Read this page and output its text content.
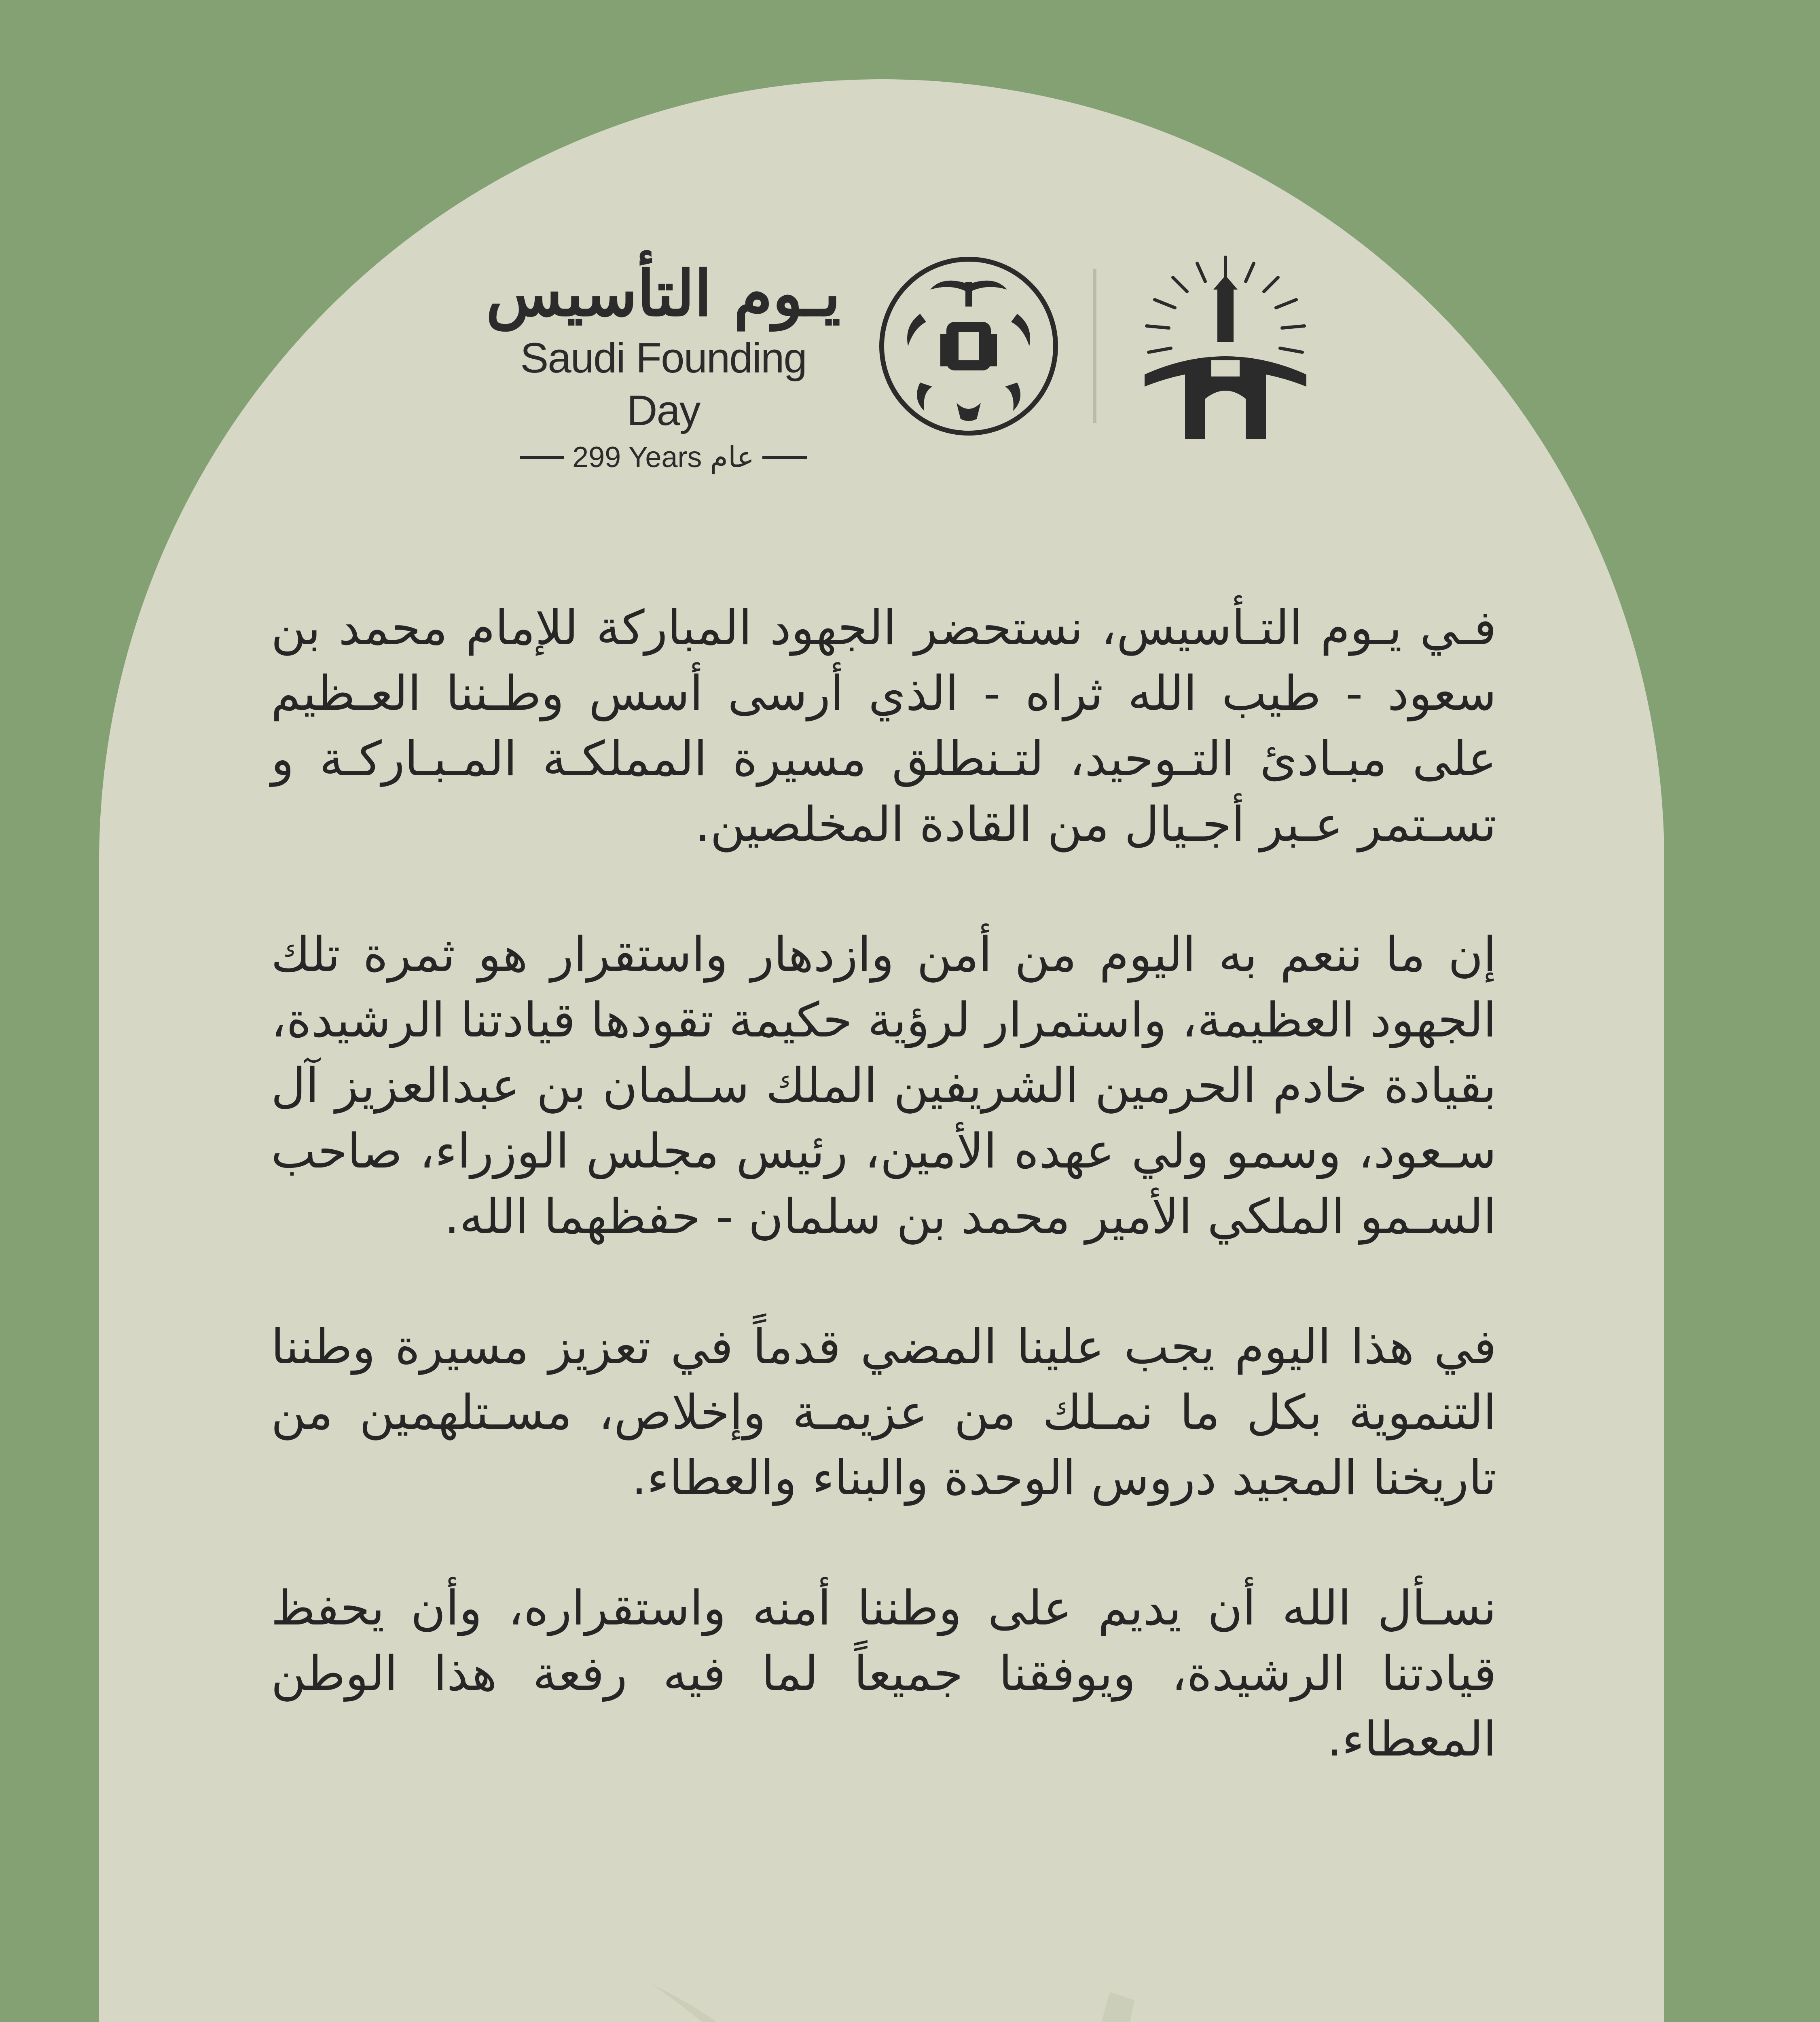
يـوم التأسيس
Saudi Founding Day
299 Years عام

فـي يـوم التـأسيس، نستحضر الجهود المباركة للإمام محمد بن سعود - طيب الله ثراه - الذي أرسى أسس وطـننا العـظيم على مبـادئ التـوحيد، لتـنطلق مسيرة المملكـة المـبـاركـة و تسـتمر عـبر أجـيال من القادة المخلصين.

إن ما ننعم به اليوم من أمن وازدهار واستقرار هو ثمرة تلك الجهود العظيمة، واستمرار لرؤية حكيمة تقودها قيادتنا الرشيدة، بقيادة خادم الحرمين الشريفين الملك سـلمان بن عبدالعزيز آل سـعود، وسمو ولي عهده الأمين، رئيس مجلس الوزراء، صاحب السـمو الملكي الأمير محمد بن سلمان - حفظهما الله.

في هذا اليوم يجب علينا المضي قدماً في تعزيز مسيرة وطننا التنموية بكل ما نمـلك من عزيمـة وإخلاص، مسـتلهمين من تاريخنا المجيد دروس الوحدة والبناء والعطاء.

نسـأل الله أن يديم على وطننا أمنه واستقراره، وأن يحفظ قيادتنا الرشيدة، ويوفقنا جميعاً لما فيه رفعة هذا الوطن المعطاء.
